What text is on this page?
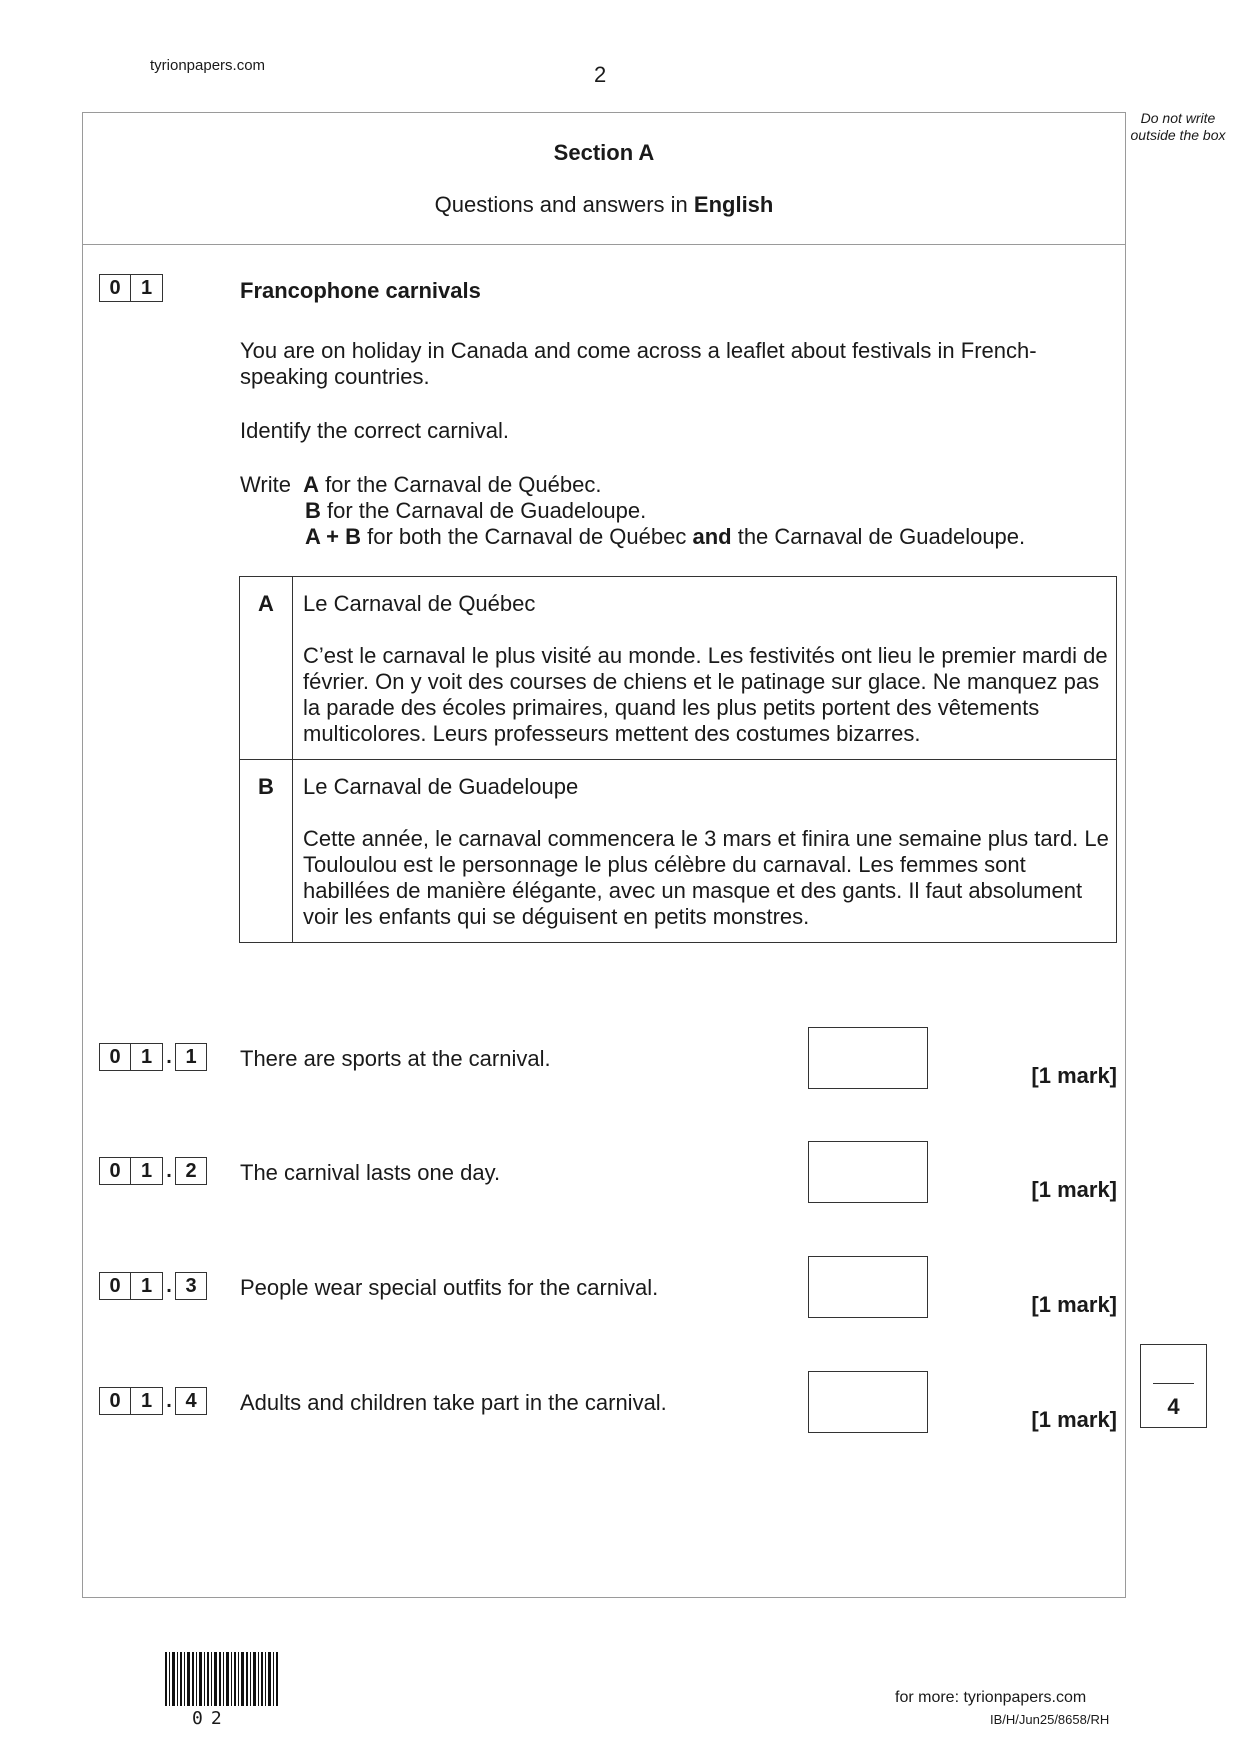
tyrionpapers.com	2
Do not write outside the box
Section A
Questions and answers in English
0	1	Francophone carnivals
You are on holiday in Canada and come across a leaflet about festivals in French-speaking countries.
Identify the correct carnival.
Write A for the Carnaval de Québec.
B for the Carnaval de Guadeloupe.
A + B for both the Carnaval de Québec and the Carnaval de Guadeloupe.
A	Le Carnaval de Québec
C’est le carnaval le plus visité au monde. Les festivités ont lieu le premier mardi de février. On y voit des courses de chiens et le patinage sur glace. Ne manquez pas la parade des écoles primaires, quand les plus petits portent des vêtements multicolores. Leurs professeurs mettent des costumes bizarres.

B	Le Carnaval de Guadeloupe
Cette année, le carnaval commencera le 3 mars et finira une semaine plus tard. Le Touloulou est le personnage le plus célèbre du carnaval. Les femmes sont habillées de manière élégante, avec un masque et des gants. Il faut absolument voir les enfants qui se déguisent en petits monstres.
0	1 . 1	There are sports at the carnival.
[1 mark]
0	1 . 2	The carnival lasts one day.
[1 mark]
0	1 . 3	People wear special outfits for the carnival.
[1 mark]
0	1 . 4	Adults and children take part in the carnival.
[1 mark]
4
02
for more: tyrionpapers.com
IB/H/Jun25/8658/RH
